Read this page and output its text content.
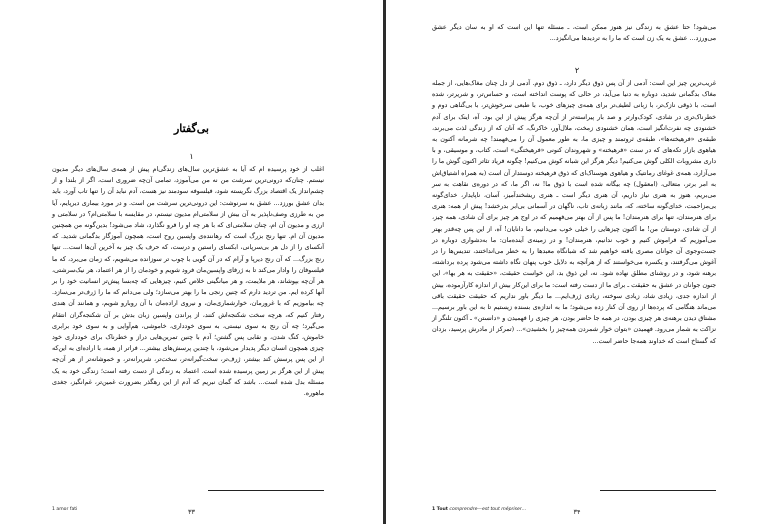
بی‌گفتار
۱
اغلب از خود پرسیده ام که آیا به عشق‌ترین سال‌های زندگی‌ام پیش از همه‌ی سال‌های دیگر مدیون نیستم. چنان‌که درونی‌ترین سرشت من نه من می‌آموزد، تمامی آن‌چه ضروری است، اگر از بلندا و از چشم‌انداز یک اقتصاد بزرگ نگریسته شود، فیلسوفه سودمند نیز هست، آدم نباید آن را تنها تاب آورد، باید بدان عشق بورزد... عشق به سرنوشت: این درونی‌ترین سرشت من است. و در مورد بیماری دیرپایم، آیا من به طرزی وصف‌ناپذیر به آن بیش از سلامتی‌ام مدیون نیستم، در مقایسه با سلامتی‌ام؟ در سلامتی و ارزی و مدیون آن ام، چنان سلامتی‌ای که با هر چه او را فرو نگذارد، شاد می‌شود! بدین‌گونه من همچنین مدیون آن ام. تنها رنج بزرگ است که رهاننده‌ی واپسین روح است، همچون آموزگار بدگمانی شدید. که آنکسای را از دل هر بی‌سرپانی، ابکسای راستین و درست، که حرف یک چیز به آخرین آن‌ها است... تنها رنج بزرگ... که آن رنج دیرپا و آرام که در آن گویی با چوب تر سوزانده می‌شویم، که زمان می‌برد، که ما فیلسوفان را وادار می‌کند تا به ژرفای واپسین‌مان فرود شویم و خودمان را از هر اعتماد، هر نیک‌سرشتی، هر آن‌چه بپوشاند، هر ملایمت، و هر میانگینی خلاص کنیم، چیزهایی که چه‌بسا پیش‌تر انسانیت خود را بر آنها کرده ایم. من تردید دارم که چنین رنجی ما را بهتر می‌سازد؛ ولی می‌دانم که ما را ژرف‌تر می‌سازد. چه بیاموزیم که با غرورمان، خوارشماری‌مان، و نیروی اراده‌مان با آن روبارو شویم، و همانند آن هندی رفتار کنیم که، هرچه سخت شکنجه‌اش کنند، از پراندن واپسین زبان بدش بر آن شکنجه‌گران انتقام می‌گیرد؛ چه آن رنج به سوی نیستی، به سوی خودداری، خاموشی، هم‌آوایی و به سوی خود برابری خاموش، کنگ شدن، و نقابی پس گشتن؛ آدم با چنین تمرین‌هایی دراز و خطرناک برای خودداری خود چیزی همچون انسان دیگر پدیدار می‌شود، با چندین پرسش‌های بیشتر... فراتر از همه، با اراده‌ای به این‌که از این پس پرسش کند بیشتر، ژرف‌تر، سخت‌گیرانه‌تر، سخت‌تر، شریرانه‌تر، و خموشانه‌تر از هر آن‌چه پیش از این هرگز بر زمین پرسیده شده است. اعتماد به زندگی از دست رفته است؛ زندگی خود به یک مسئله بدل شده است... باشد که گمان نبریم که آدم از این رهگذر بضرورت غمین‌تر، غم‌انگیز، جغدی ماهوره.
1 amor fati	۳۳
می‌شود! حتا عشق به زندگی نیز هنوز ممکن است، ـ مسئله تنها این است که او به سان دیگر عشق می‌ورزد... عشق به یک زن است که ما را به تردیدها می‌انگیزد...
۲
غریب‌ترین چیز این است: آدمی از آن پس ذوق دیگر دارد، ـ ذوق دوم. آدمی از دل چنان مغاک‌هایی، از جمله مغاک بدگمانی شدید، دوباره به دنیا می‌آید، در حالی که پوست انداخته است، و حساس‌تر، و شریرتر، شده است، با ذوقی نازک‌تر، با زبانی لطیف‌تر برای همه‌ی چیزهای خوب، با طبعی سرخوش‌تر، با بی‌گناهی دوم و خطرناک‌تری در شادی، کودک‌وارتر و صد بار پیراسته‌تر از آن‌چه هرگز پیش از این بود. آه، اینک برای آدم خشنودی چه نفرت‌انگیز است، همان خشنودی زمخت، ملال‌آور، خاکرنگ، که آنان که از زندگی لذت می‌برند، طبقه‌ی «فرهیخته‌ها»، طبقه‌ی ثروتمند و چیزی ما، به طور معمول آن را می‌فهمند! چه شرمانه آکنون به هیاهوی بازار تکه‌های که در سنت «فرهیخته» و شهروندان کنونی «فرهیختگی» است، کتاب، و موسیقی، و با داری مشروبات الکلی گوش می‌کنیم! دیگر هرگز این شبانه کوش می‌کنیم! چگونه فریاد تئاتر اکنون گوش ما را می‌آزارد، همه‌ی غوغای رمانتیک و هیاهوی هوسناک‌ای که ذوق فرهیخته دوستدار آن است (به همراه اشتیاق‌اش به امر برتر، متعالی، (امعقول) چه بیگانه شده است با ذوق ما! نه، اگر ما، که در دوره‌ی نقاهت به سر می‌بریم، هنوز به هنری نیاز داریم، آن هنری دیگر است ـ هنری ریشخندآمیز، آسان، ناپایدار، خدای‌گونه بی‌مزاحمت، خدای‌گونه ساخته، که، مانند زبانه‌ی تاب، ناگهان در آسمانی بی‌ابر بدرخشد! پیش از همه: هنری برای هنرمندان، تنها برای هنرمندان! ما پس از آن بهتر می‌فهمیم که در اوج هر چیز برای آن شادی، همه چیز، از آن شادی، دوستان من! ما آکنون چیزهایی را خیلی خوب می‌دانیم، ما دانایان! آه، از این پس چه‌قدر بهتر می‌آموزیم که فراموش کنیم و خوب ندانیم، هنرمندان! و در زمینه‌ی آینده‌مان: ما به‌دشواری دوباره در جست‌وجوی آن جوانان مصری یافته خواهیم شد که شبانگاه معبدها را به خطر می‌انداختند، تندیس‌ها را در آغوش می‌گرفتند، و یکسره می‌خواستند که از هرآنچه به دلایل خوب پنهان نگاه داشته می‌شود پرده برداشته، برهنه شود، و در روشنای مطلق نهاده شود. نه، این ذوق بد، این خواست حقیقت، «حقیقت به هر بها»، این جنون جوانان در عشق به حقیقت ـ برای ما از دست رفته است: ما برای این‌کار بیش از اندازه کارآزموده، بیش از اندازه جدی، زیادی شاد، زیادی سوخته، زیادی ژرف‌ایم... ما دیگر باور نداریم که حقیقت حقیقت باقی می‌ماند هنگامی که پرده‌ها از روی آن کنار زده می‌شود؛ ما به اندازه‌ی بسنده زیستیم تا به این باور برسیم... مشتاق دیدن برهنه‌ی هر چیزی بودن، در همه جا حاضر بودن، هر چیزی را فهمیدن و «دانستن» ـ آکنون تلنگر از نزاکت به شمار می‌رود. فهمیدن «بتوان خوار شمردن همه‌چیز را بخشیدن»... (تمرکز از مادرش پرسید، بزدان که گستاخ است که خداوند همه‌جا حاضر است...
1 Tout comprendre—est tout mépriser…	۳۴
